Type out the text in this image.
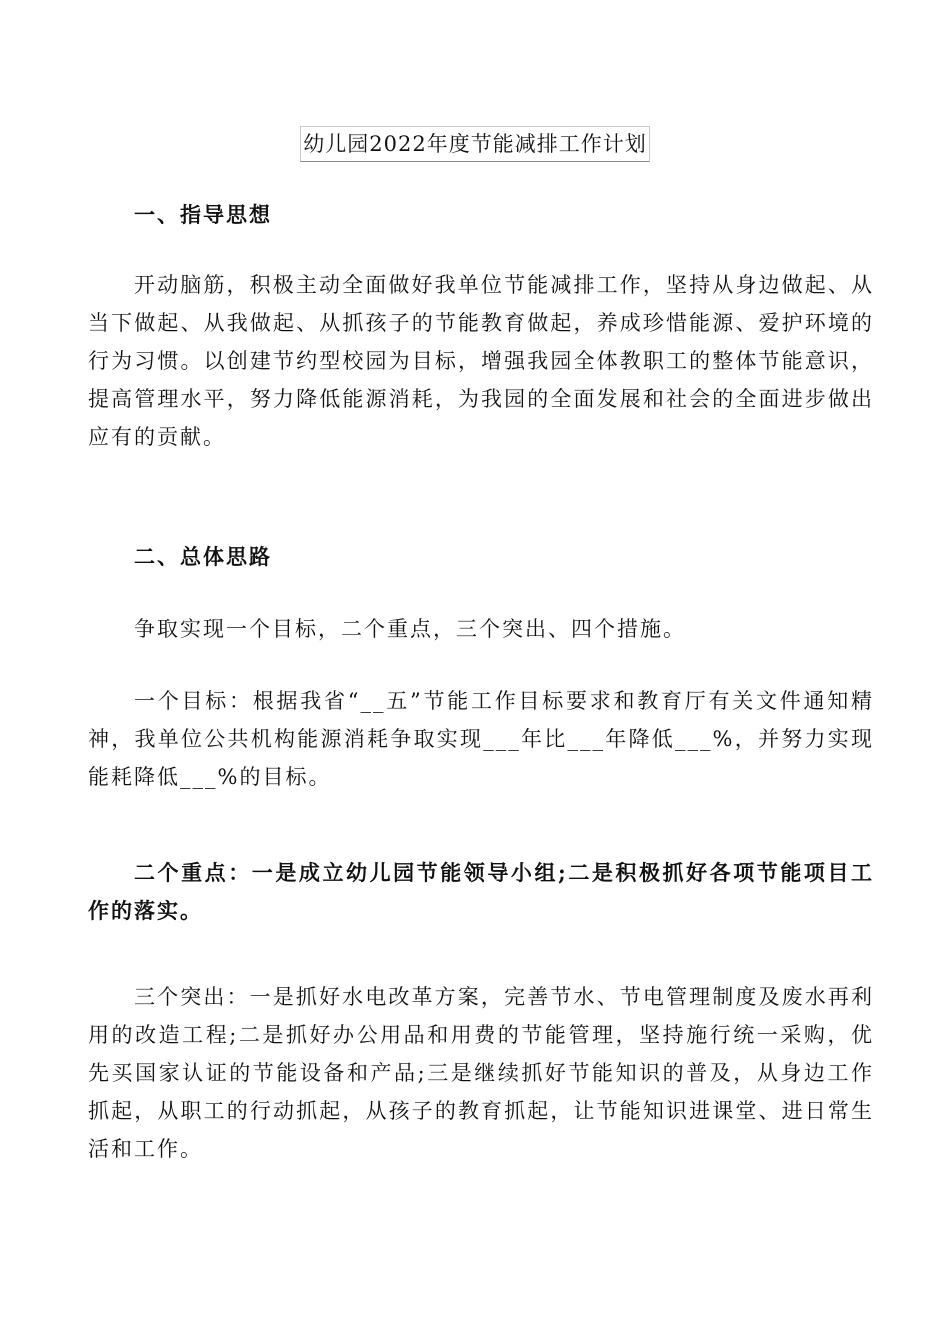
幼儿园2022年度节能减排工作计划
一、指导思想
开动脑筋，积极主动全面做好我单位节能减排工作，坚持从身边做起、从当下做起、从我做起、从抓孩子的节能教育做起，养成珍惜能源、爱护环境的行为习惯。以创建节约型校园为目标，增强我园全体教职工的整体节能意识，提高管理水平，努力降低能源消耗，为我园的全面发展和社会的全面进步做出应有的贡献。
二、总体思路
争取实现一个目标，二个重点，三个突出、四个措施。
一个目标：根据我省“__五”节能工作目标要求和教育厅有关文件通知精神，我单位公共机构能源消耗争取实现___年比___年降低___%，并努力实现能耗降低___%的目标。
二个重点：一是成立幼儿园节能领导小组;二是积极抓好各项节能项目工作的落实。
三个突出：一是抓好水电改革方案，完善节水、节电管理制度及废水再利用的改造工程;二是抓好办公用品和用费的节能管理，坚持施行统一采购，优先买国家认证的节能设备和产品;三是继续抓好节能知识的普及，从身边工作抓起，从职工的行动抓起，从孩子的教育抓起，让节能知识进课堂、进日常生活和工作。
